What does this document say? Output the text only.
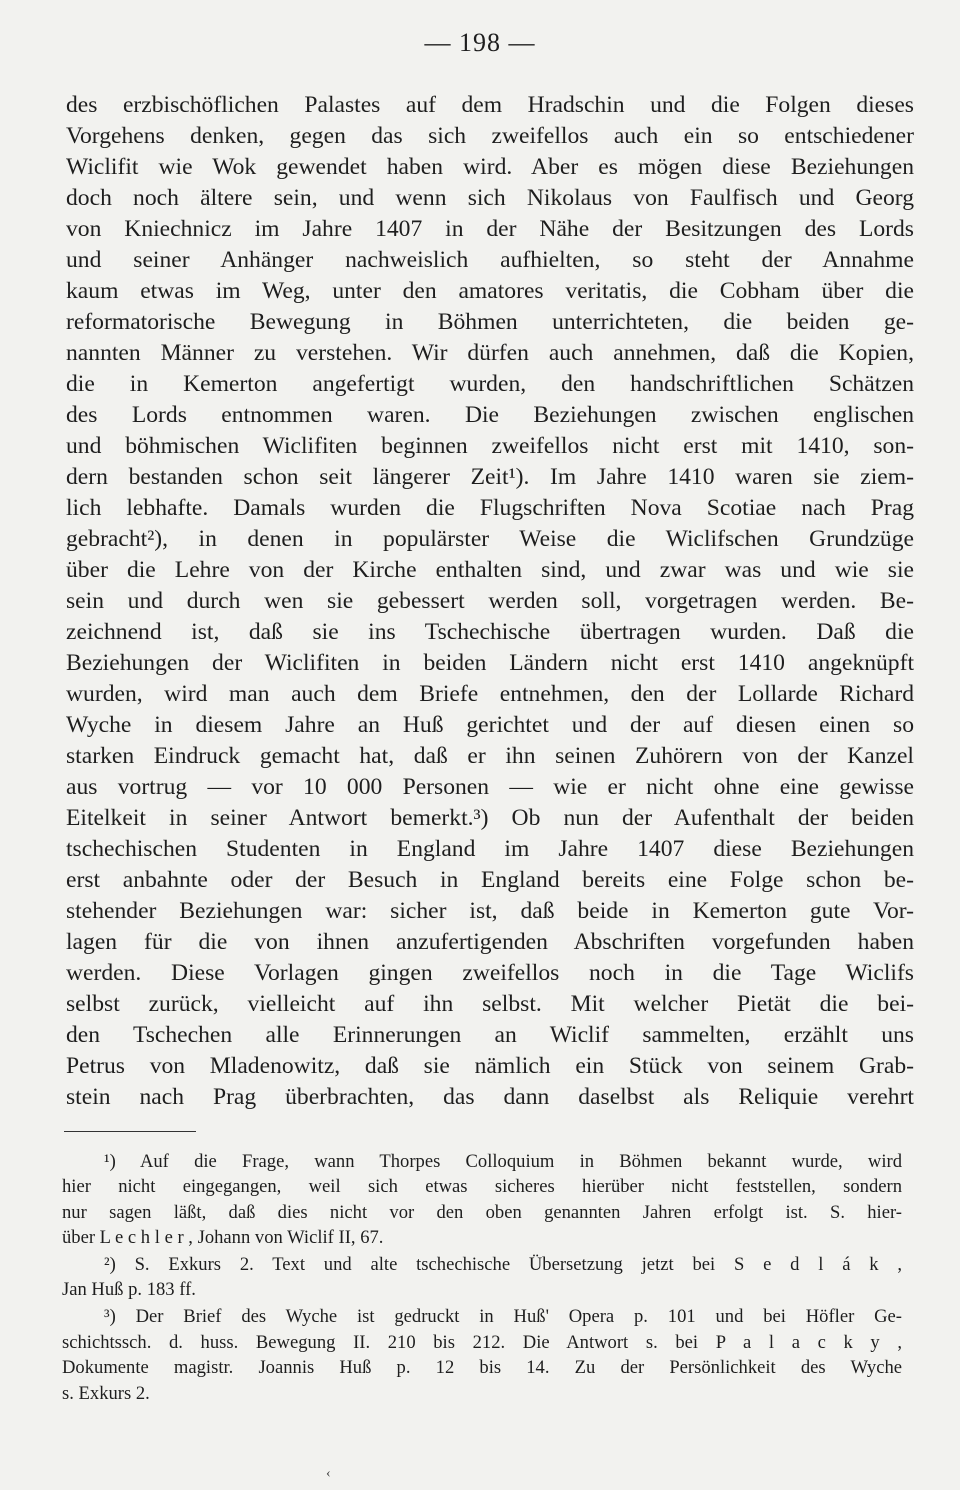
— 198 —
des erzbischöflichen Palastes auf dem Hradschin und die Folgen dieses
Vorgehens denken, gegen das sich zweifellos auch ein so entschiedener
Wiclifit wie Wok gewendet haben wird. Aber es mögen diese Beziehungen
doch noch ältere sein, und wenn sich Nikolaus von Faulfisch und Georg
von Kniechnicz im Jahre 1407 in der Nähe der Besitzungen des Lords
und seiner Anhänger nachweislich aufhielten, so steht der Annahme
kaum etwas im Weg, unter den amatores veritatis, die Cobham über die
reformatorische Bewegung in Böhmen unterrichteten, die beiden ge-
nannten Männer zu verstehen. Wir dürfen auch annehmen, daß die Kopien,
die in Kemerton angefertigt wurden, den handschriftlichen Schätzen
des Lords entnommen waren. Die Beziehungen zwischen englischen
und böhmischen Wiclifiten beginnen zweifellos nicht erst mit 1410, son-
dern bestanden schon seit längerer Zeit¹). Im Jahre 1410 waren sie ziem-
lich lebhafte. Damals wurden die Flugschriften Nova Scotiae nach Prag
gebracht²), in denen in populärster Weise die Wiclifschen Grundzüge
über die Lehre von der Kirche enthalten sind, und zwar was und wie sie
sein und durch wen sie gebessert werden soll, vorgetragen werden. Be-
zeichnend ist, daß sie ins Tschechische übertragen wurden. Daß die
Beziehungen der Wiclifiten in beiden Ländern nicht erst 1410 angeknüpft
wurden, wird man auch dem Briefe entnehmen, den der Lollarde Richard
Wyche in diesem Jahre an Huß gerichtet und der auf diesen einen so
starken Eindruck gemacht hat, daß er ihn seinen Zuhörern von der Kanzel
aus vortrug — vor 10 000 Personen — wie er nicht ohne eine gewisse
Eitelkeit in seiner Antwort bemerkt.³) Ob nun der Aufenthalt der beiden
tschechischen Studenten in England im Jahre 1407 diese Beziehungen
erst anbahnte oder der Besuch in England bereits eine Folge schon be-
stehender Beziehungen war: sicher ist, daß beide in Kemerton gute Vor-
lagen für die von ihnen anzufertigenden Abschriften vorgefunden haben
werden. Diese Vorlagen gingen zweifellos noch in die Tage Wiclifs
selbst zurück, vielleicht auf ihn selbst. Mit welcher Pietät die bei-
den Tschechen alle Erinnerungen an Wiclif sammelten, erzählt uns
Petrus von Mladenowitz, daß sie nämlich ein Stück von seinem Grab-
stein nach Prag überbrachten, das dann daselbst als Reliquie verehrt
¹) Auf die Frage, wann Thorpes Colloquium in Böhmen bekannt wurde, wird
hier nicht eingegangen, weil sich etwas sicheres hierüber nicht feststellen, sondern
nur sagen läßt, daß dies nicht vor den oben genannten Jahren erfolgt ist. S. hier-
über L e c h l e r , Johann von Wiclif II, 67.
²) S. Exkurs 2. Text und alte tschechische Übersetzung jetzt bei S e d l á k ,
Jan Huß p. 183 ff.
³) Der Brief des Wyche ist gedruckt in Huß' Opera p. 101 und bei Höfler Ge-
schichtssch. d. huss. Bewegung II. 210 bis 212. Die Antwort s. bei P a l a c k y ,
Dokumente magistr. Joannis Huß p. 12 bis 14. Zu der Persönlichkeit des Wyche
s. Exkurs 2.
‹
